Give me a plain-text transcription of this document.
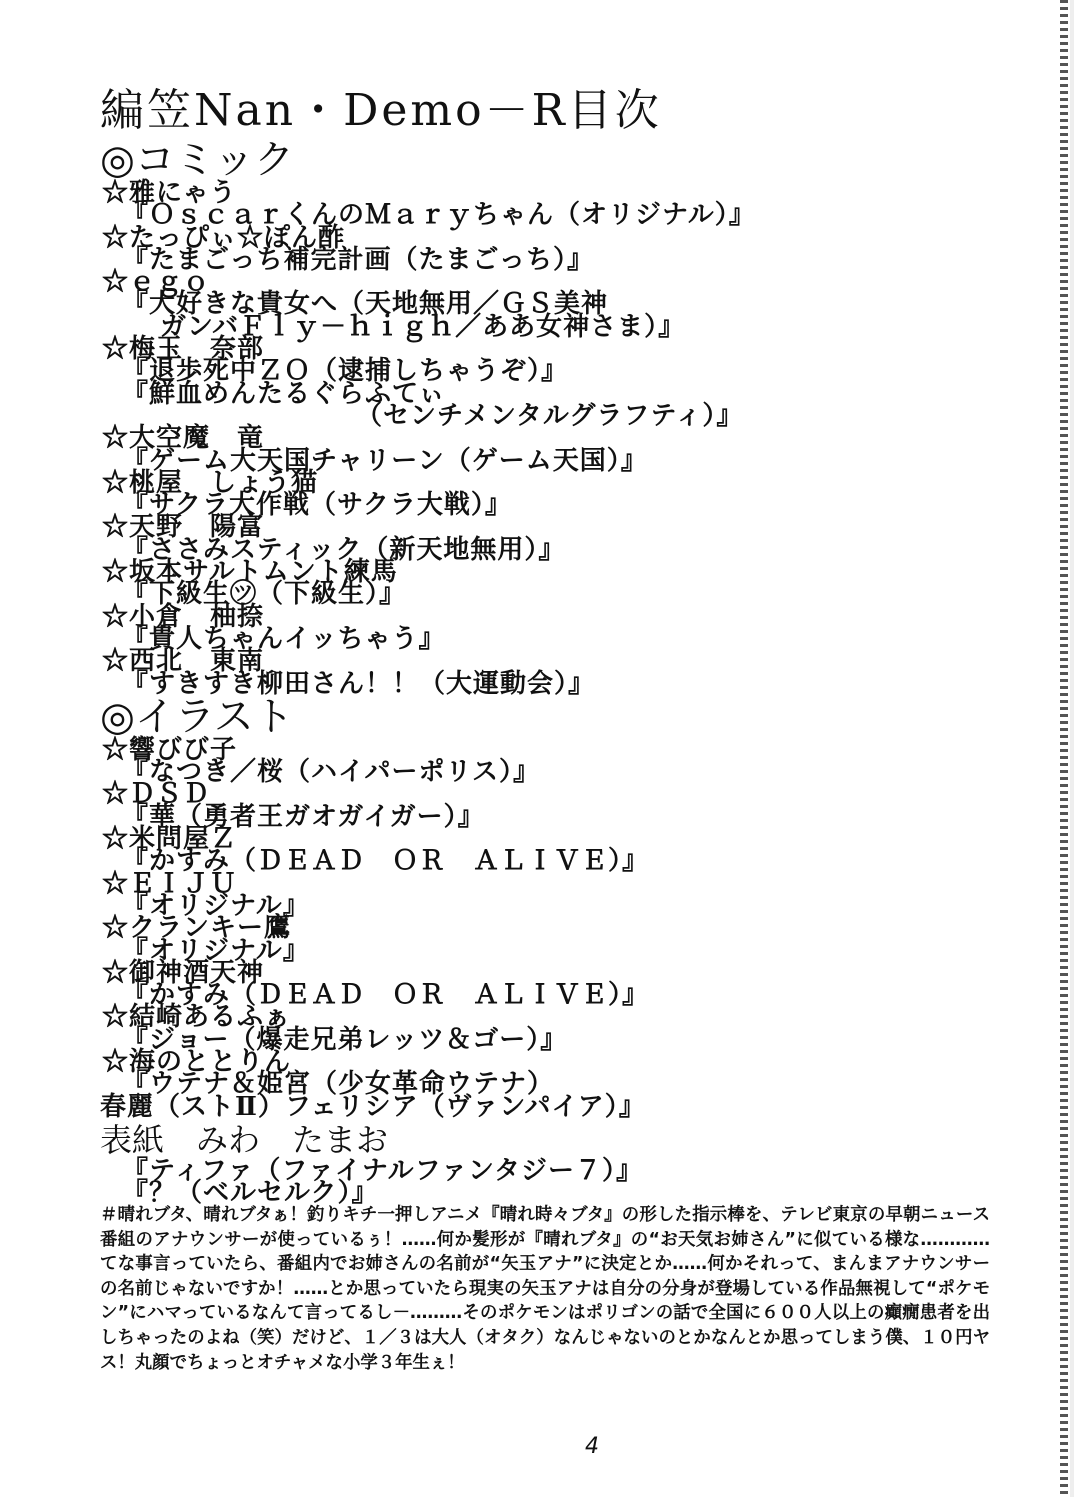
編笠Nan・Demo－R目次
◎コミック
☆雅にゃう
『ＯｓｃａｒくんのＭａｒｙちゃん（オリジナル）』
☆たっぴぃ☆ぽん酢
『たまごっち補完計画（たまごっち）』
☆ｅｇｏ
『大好きな貴女へ（天地無用／ＧＳ美神
ガンバＦｌｙ－ｈｉｇｈ／ああ女神さま）』
☆梅玉　奈部
『退歩死中ＺＯ（逮捕しちゃうぞ）』
『鮮血めんたるぐらふてぃ
（センチメンタルグラフティ）』
☆大空魔　竜
『ゲーム大天国チャリーン（ゲーム天国）』
☆桃屋　しょう猫
『サクラ大作戦（サクラ大戦）』
☆天野　陽富
『ささみスティック（新天地無用）』
☆坂本サルトムント練馬
『下級生㋡（下級生）』
☆小倉　柚捺
『貴人ちゃんイッちゃう』
☆西北　東南
『すきすき柳田さん！！（大運動会）』
◎イラスト
☆響びび子
『なつき／桜（ハイパーポリス）』
☆ＤＳＤ
『華（勇者王ガオガイガー）』
☆米問屋Ｚ
『かすみ（ＤＥＡＤ　ＯＲ　ＡＬＩＶＥ）』
☆ＥＩＪＵ
『オリジナル』
☆クランキー鷹
『オリジナル』
☆御神酒天神
『かすみ（ＤＥＡＤ　ＯＲ　ＡＬＩＶＥ）』
☆結崎あるふぁ
『ジョー（爆走兄弟レッツ＆ゴー）』
☆海のととりん
『ウテナ＆姫宮（少女革命ウテナ）
春麗（ストⅡ）フェリシア（ヴァンパイア）』
表紙　みわ　たまお
『ティファ（ファイナルファンタジー７）』
『？（ベルセルク）』
＃晴れブタ、晴れブタぁ！釣りキチ一押しアニメ『晴れ時々ブタ』の形した指示棒を、テレビ東京の早朝ニュース番組のアナウンサーが使っているぅ！……何か髪形が『晴れブタ』の“お天気お姉さん”に似ている様な…………てな事言っていたら、番組内でお姉さんの名前が“矢玉アナ”に決定とか……何かそれって、まんまアナウンサーの名前じゃないですか！……とか思っていたら現実の矢玉アナは自分の分身が登場している作品無視して“ポケモン”にハマっているなんて言ってるし－………そのポケモンはポリゴンの話で全国に６００人以上の癲癇患者を出しちゃったのよね（笑）だけど、１／３は大人（オタク）なんじゃないのとかなんとか思ってしまう僕、１０円ヤス！丸顔でちょっとオチャメな小学３年生ぇ！
4
